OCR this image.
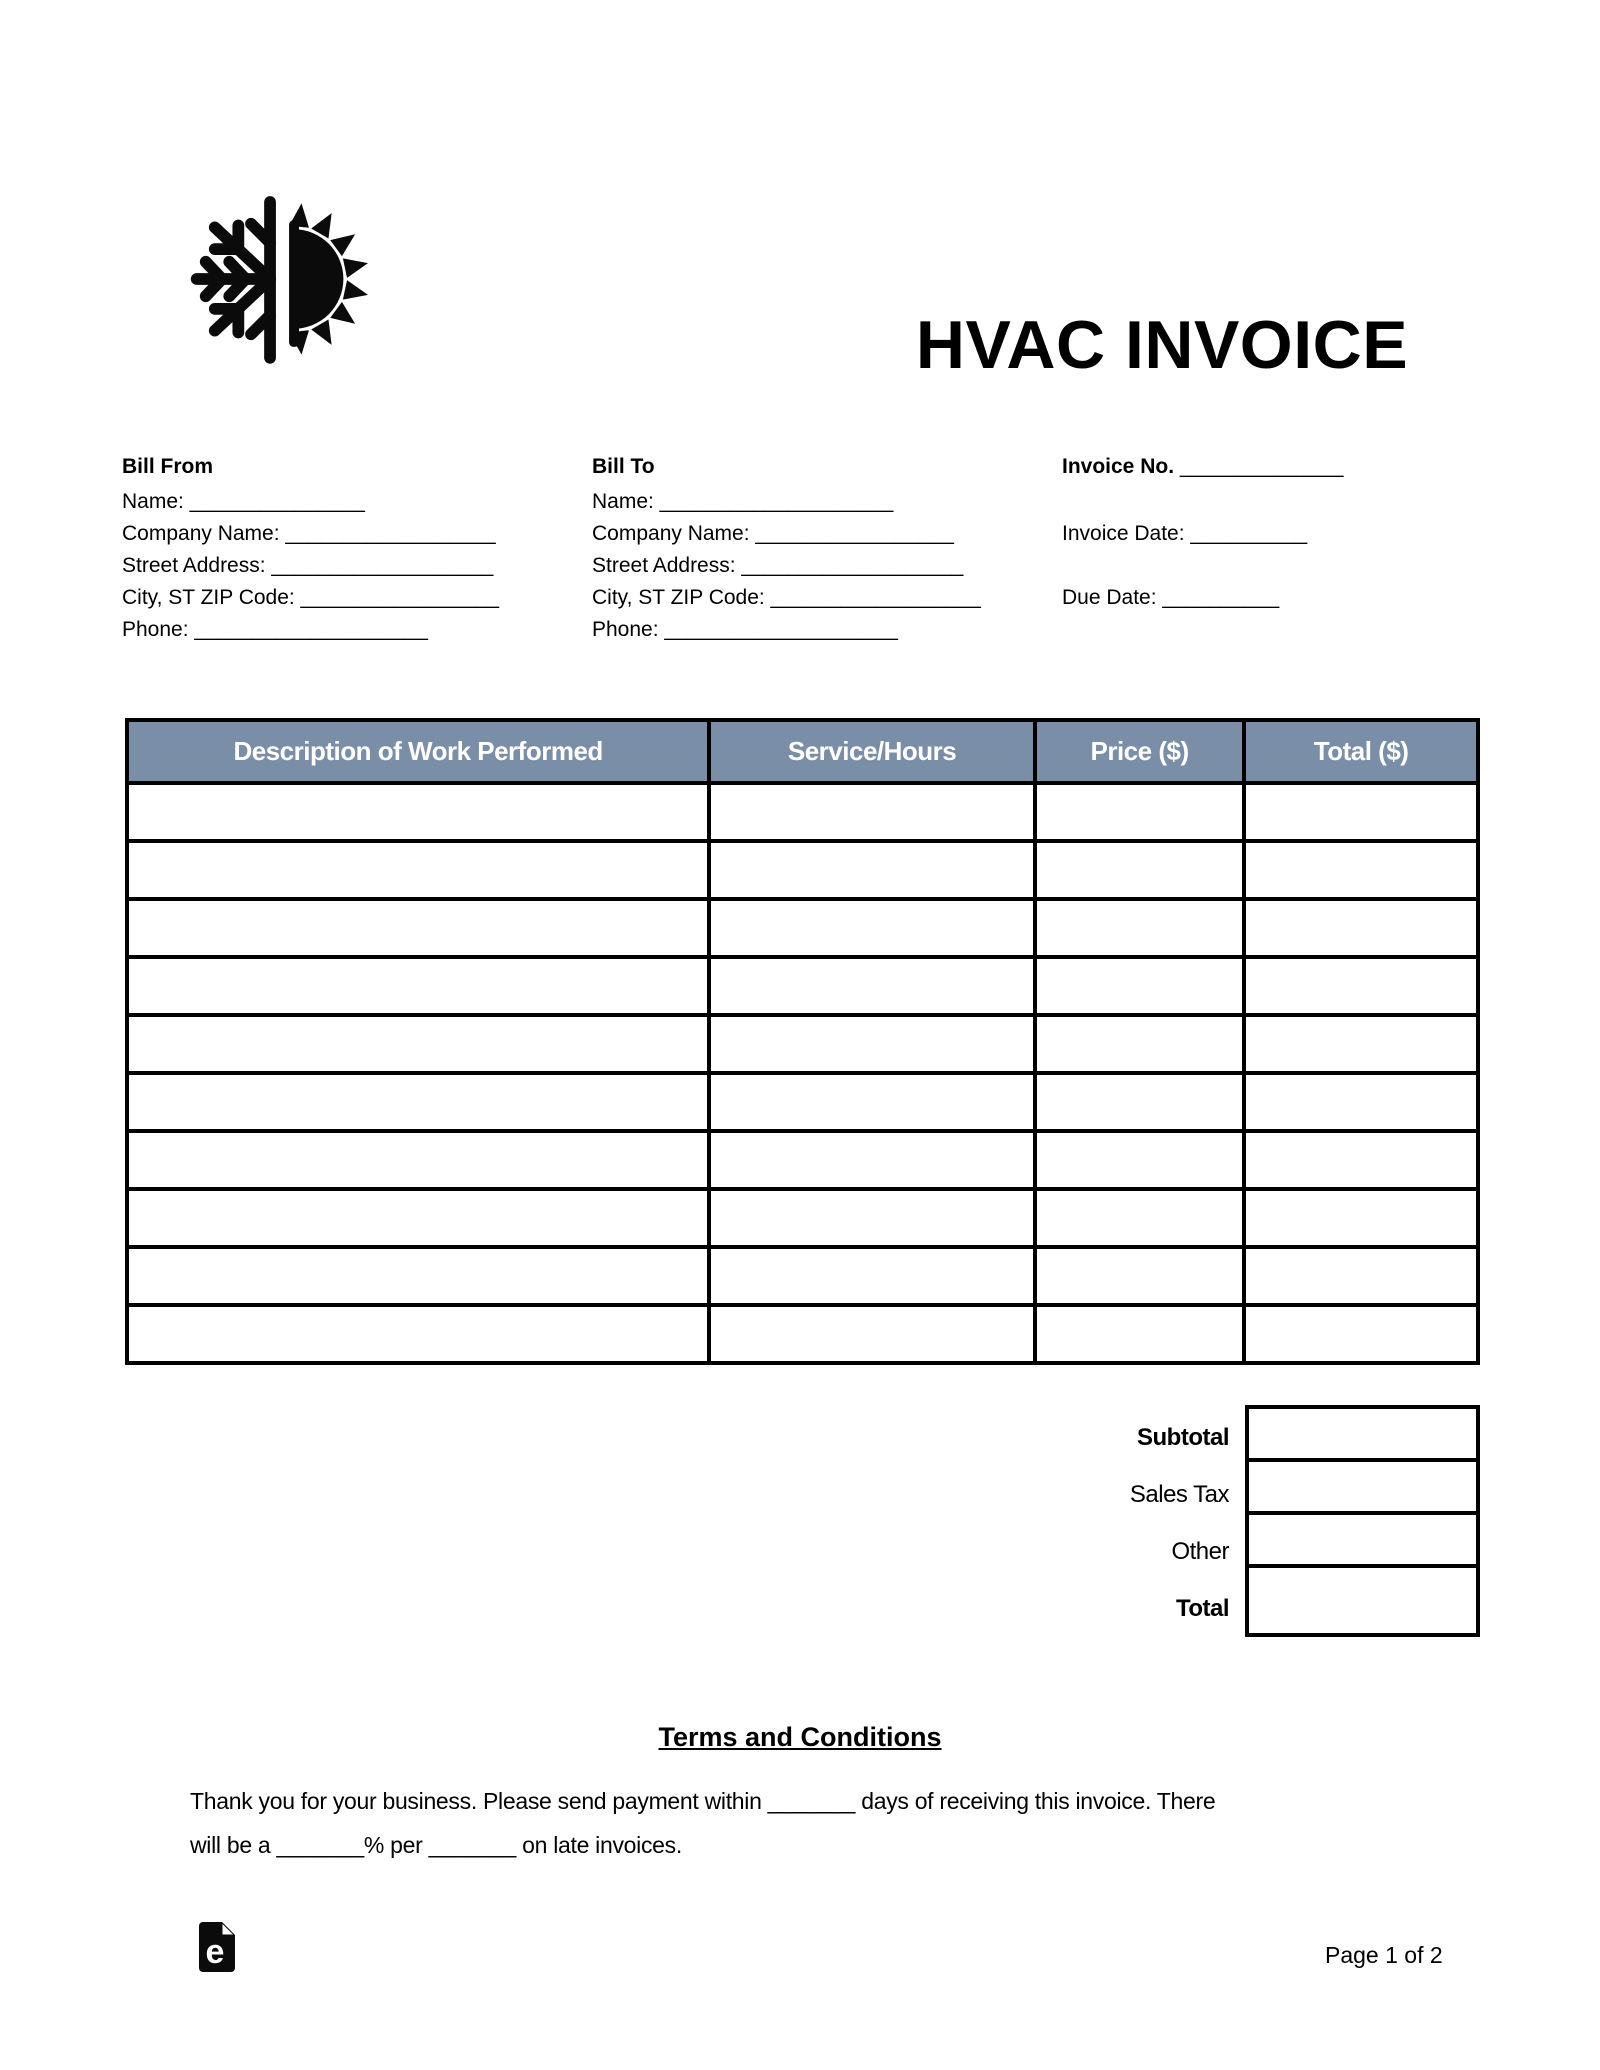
HVAC INVOICE
Bill From
Name: _______________
Company Name: __________________
Street Address: ___________________
City, ST ZIP Code: _________________
Phone: ____________________
Bill To
Name: ____________________
Company Name: _________________
Street Address: ___________________
City, ST ZIP Code: __________________
Phone: ____________________
Invoice No. ______________
Invoice Date: __________
Due Date: __________
Description of Work Performed	Service/Hours	Price ($)	Total ($)

Subtotal
Sales Tax
Other
Total
Terms and Conditions
Thank you for your business. Please send payment within _______ days of receiving this invoice. There
will be a _______% per _______ on late invoices.
e	Page 1 of 2
